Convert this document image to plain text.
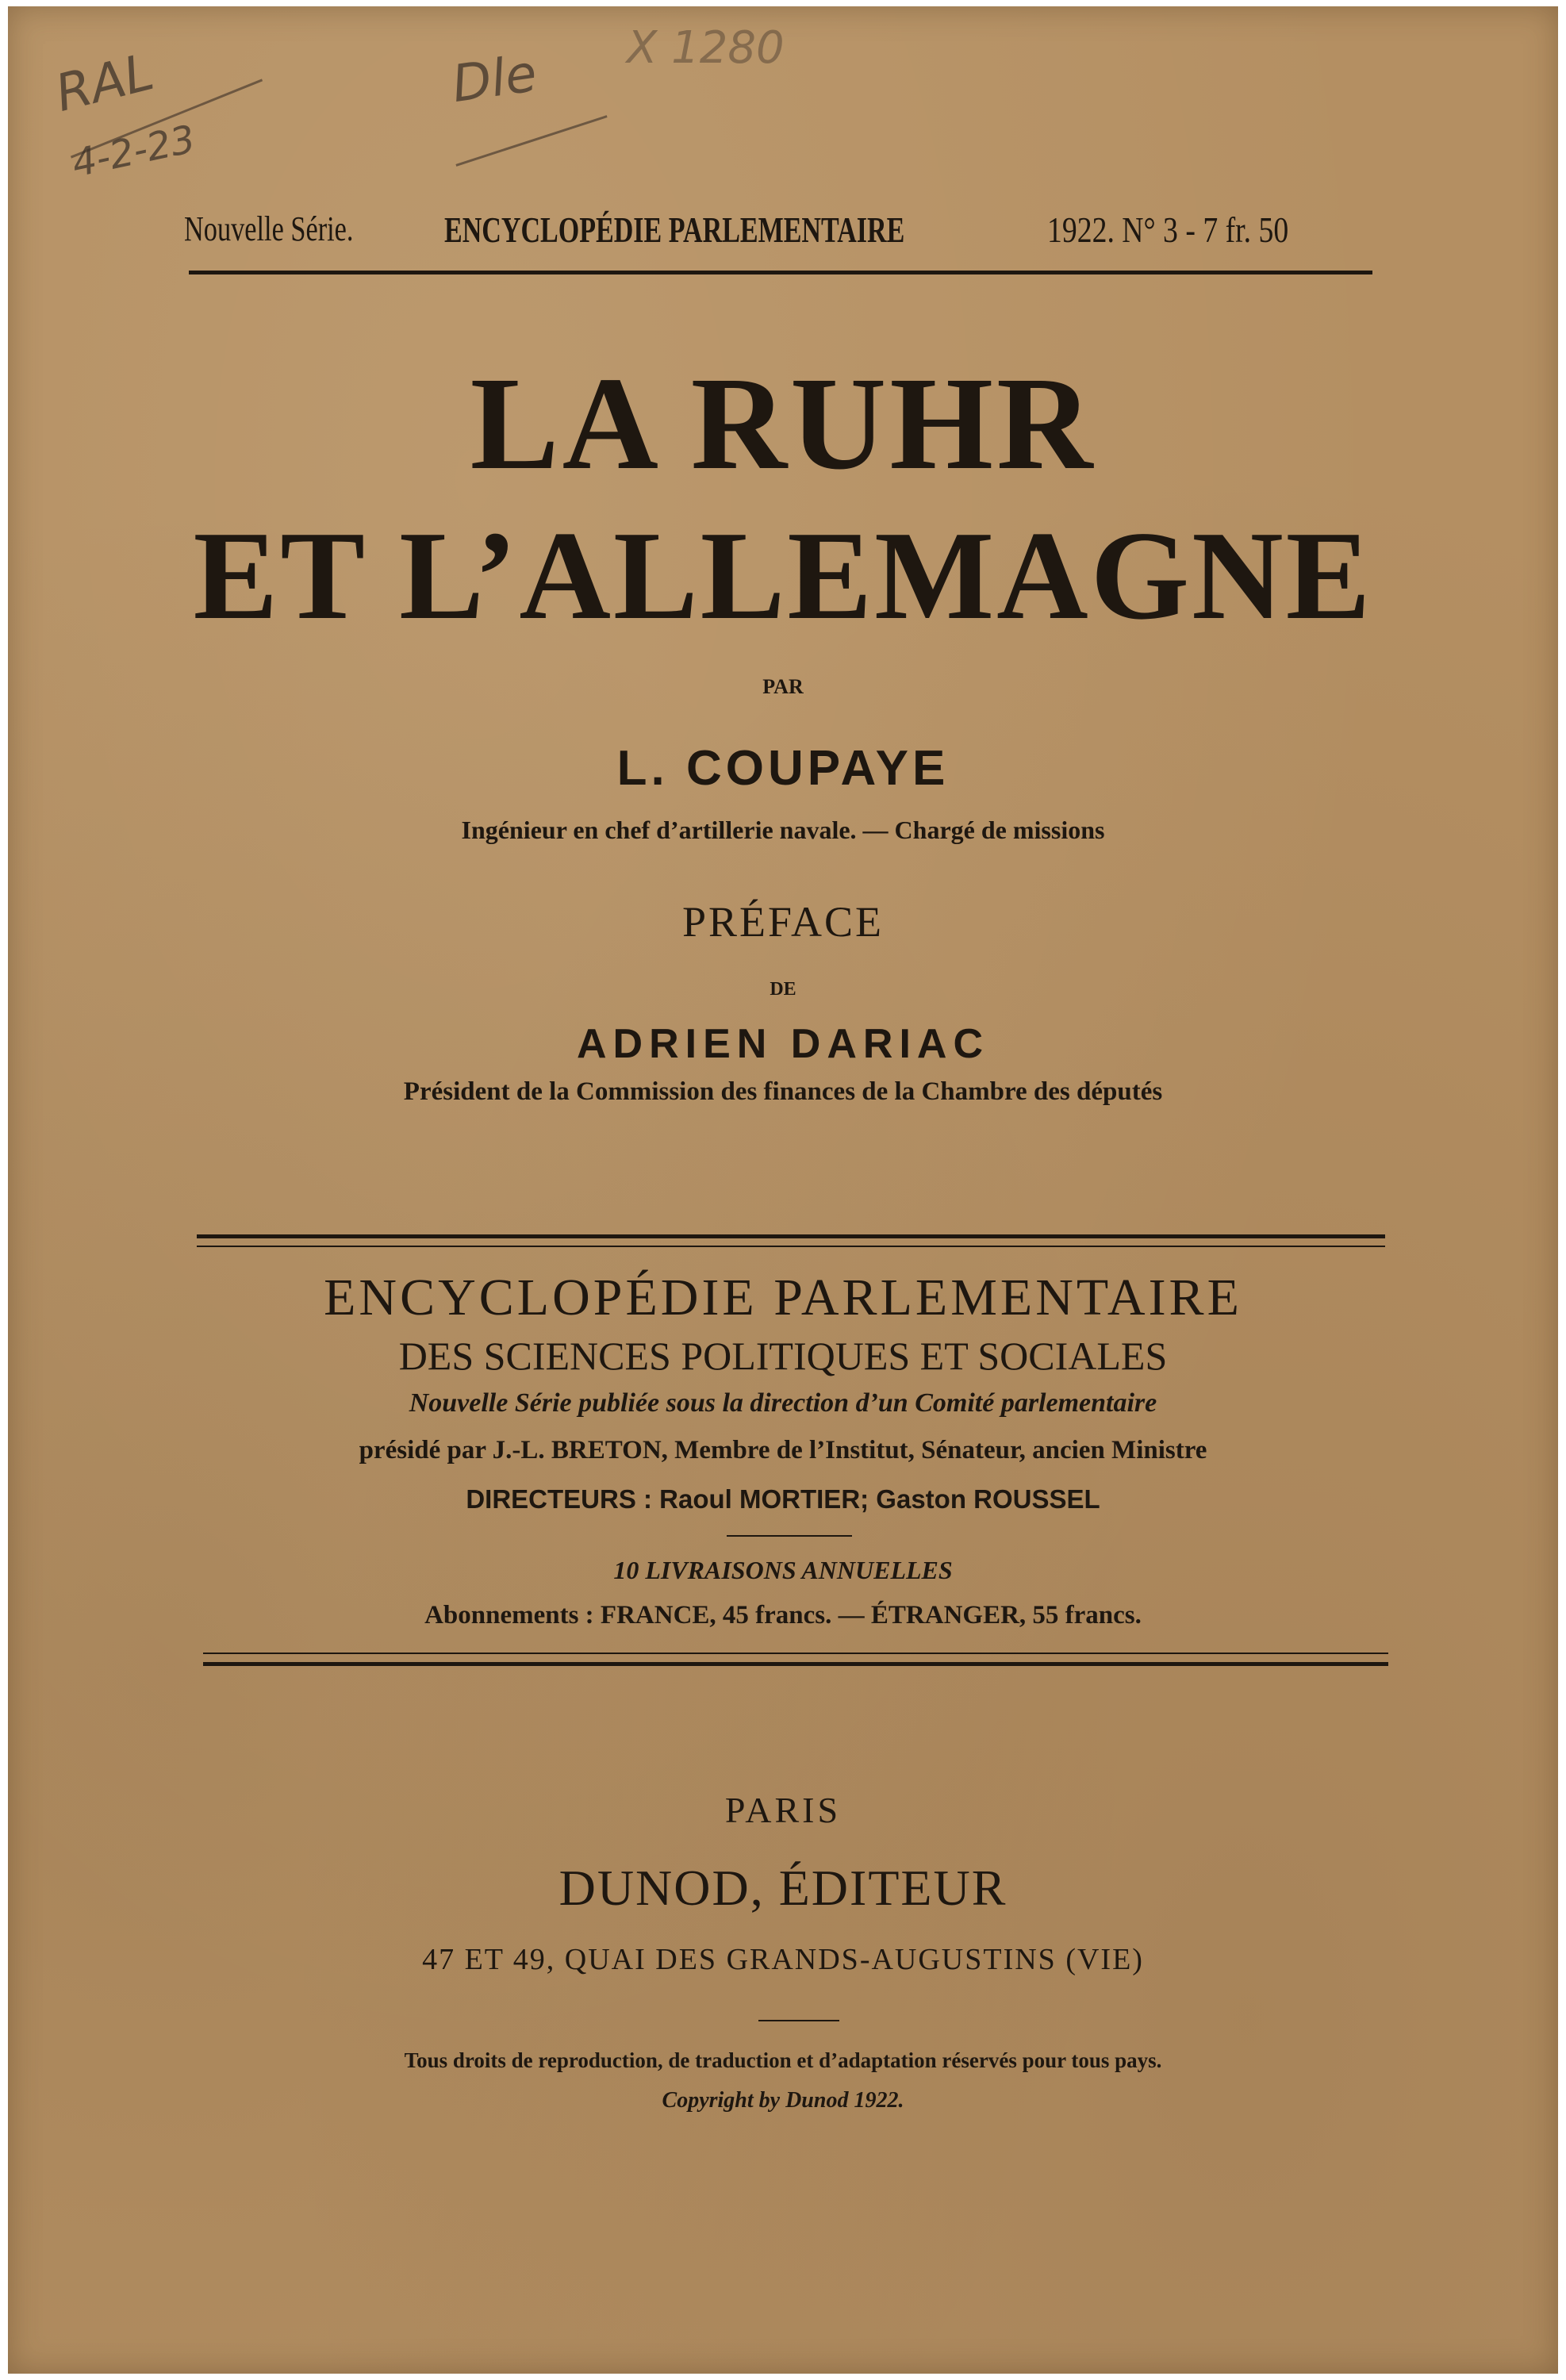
RAL
4-2-23
Dle X 1280
Nouvelle Série. ENCYCLOPÉDIE PARLEMENTAIRE	1922. N° 3 - 7 fr. 50
LA RUHR
ET L’ALLEMAGNE
PAR
L. COUPAYE
Ingénieur en chef d’artillerie navale. — Chargé de missions
PRÉFACE
DE
ADRIEN DARIAC
Président de la Commission des finances de la Chambre des députés
ENCYCLOPÉDIE PARLEMENTAIRE
DES SCIENCES POLITIQUES ET SOCIALES
Nouvelle Série publiée sous la direction d’un Comité parlementaire
présidé par J.-L. BRETON, Membre de l’Institut, Sénateur, ancien Ministre
DIRECTEURS : Raoul MORTIER; Gaston ROUSSEL
10 LIVRAISONS ANNUELLES
Abonnements : FRANCE, 45 francs. — ÉTRANGER, 55 francs.
PARIS
DUNOD, ÉDITEUR
47 ET 49, QUAI DES GRANDS-AUGUSTINS (VIE)
Tous droits de reproduction, de traduction et d’adaptation réservés pour tous pays.
Copyright by Dunod 1922.
